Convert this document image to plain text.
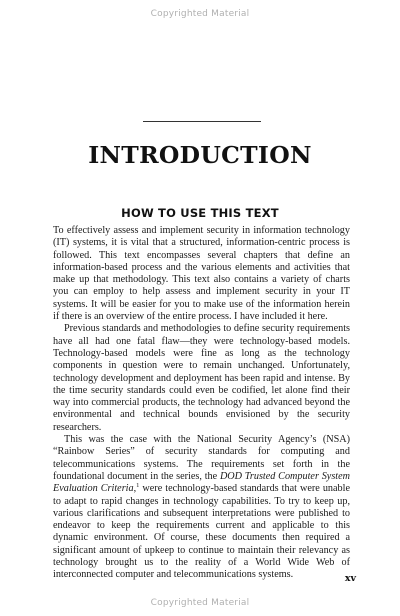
Copyrighted Material
INTRODUCTION
HOW TO USE THIS TEXT

To effectively assess and implement security in information technology (IT) systems, it is vital that a structured, information-centric process is followed. This text encompasses several chapters that define an information-based process and the various elements and activities that make up that methodology. This text also contains a variety of charts you can employ to help assess and implement security in your IT systems. It will be easier for you to make use of the information herein if there is an overview of the entire process. I have included it here.

Previous standards and methodologies to define security requirements have all had one fatal flaw—they were technology-based models. Technology-based models were fine as long as the technology components in question were to remain unchanged. Unfortunately, technology development and deployment has been rapid and intense. By the time security standards could even be codified, let alone find their way into commercial products, the technology had advanced beyond the environmental and technical bounds envisioned by the security researchers.

This was the case with the National Security Agency’s (NSA) “Rainbow Series” of security standards for computing and telecommunications systems. The requirements set forth in the foundational document in the series, the DOD Trusted Computer System Evaluation Criteria,$^1$ were technology-based standards that were unable to adapt to rapid changes in technology capabilities. To try to keep up, various clarifications and subsequent interpretations were published to endeavor to keep the requirements current and applicable to this dynamic environment. Of course, these documents then required a significant amount of upkeep to continue to maintain their relevancy as technology brought us to the reality of a World Wide Web of interconnected computer and telecommunications systems.	xv
Copyrighted Material
